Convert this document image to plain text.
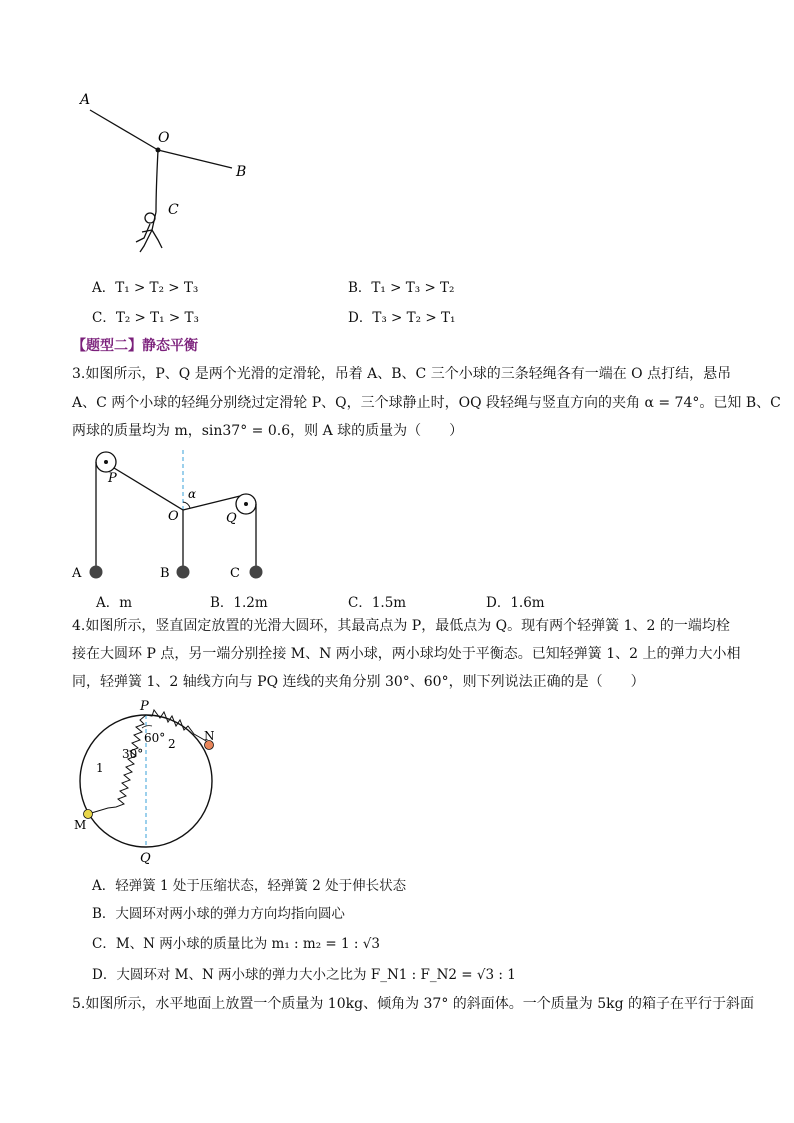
A
O
B
C
A．T₁ > T₂ > T₃	B．T₁ > T₃ > T₂
C．T₂ > T₁ > T₃	D．T₃ > T₂ > T₁
【题型二】静态平衡
3.如图所示，P、Q 是两个光滑的定滑轮，吊着 A、B、C 三个小球的三条轻绳各有一端在 O 点打结，悬吊
A、C 两个小球的轻绳分别绕过定滑轮 P、Q，三个球静止时，OQ 段轻绳与竖直方向的夹角 α = 74°。已知 B、C
两球的质量均为 m，sin37° = 0.6，则 A 球的质量为（　　）
P
α
O	Q
A	B	C
A．m	B．1.2m	C．1.5m	D．1.6m
4.如图所示，竖直固定放置的光滑大圆环，其最高点为 P，最低点为 Q。现有两个轻弹簧 1、2 的一端均栓
接在大圆环 P 点，另一端分别拴接 M、N 两小球，两小球均处于平衡态。已知轻弹簧 1、2 上的弹力大小相
同，轻弹簧 1、2 轴线方向与 PQ 连线的夹角分别 30°、60°，则下列说法正确的是（　　）
P
60° 2
N
30°
1
M
Q
A．轻弹簧 1 处于压缩状态，轻弹簧 2 处于伸长状态
B．大圆环对两小球的弹力方向均指向圆心
C．M、N 两小球的质量比为 m₁ : m₂ = 1 : √3
D．大圆环对 M、N 两小球的弹力大小之比为 F_N1 : F_N2 = √3 : 1
5.如图所示，水平地面上放置一个质量为 10kg、倾角为 37° 的斜面体。一个质量为 5kg 的箱子在平行于斜面
